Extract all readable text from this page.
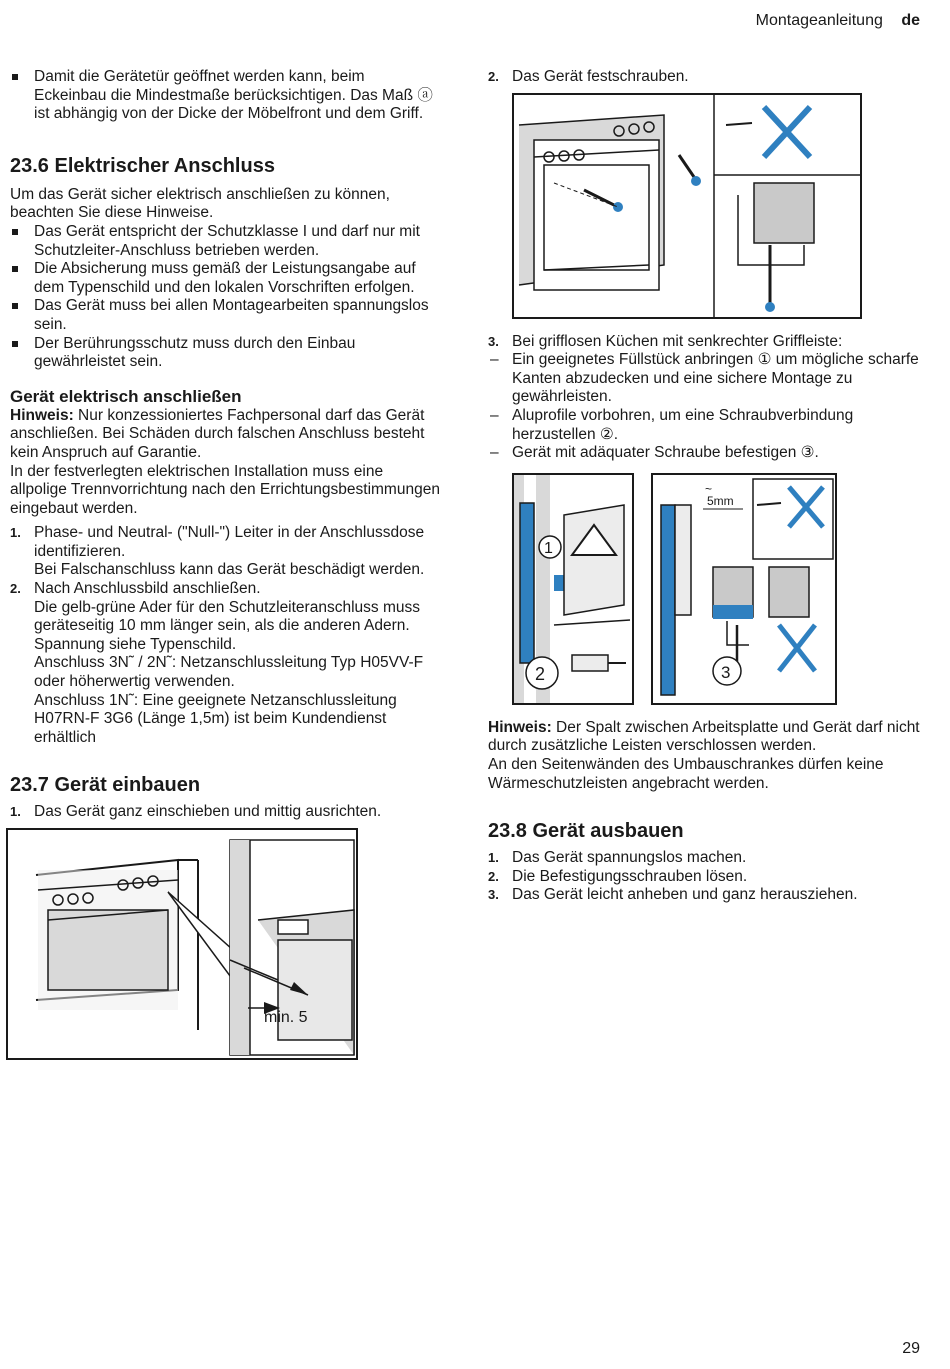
Montageanleitung de
Damit die Gerätetür geöffnet werden kann, beim Eckeinbau die Mindestmaße berücksichtigen. Das Maß ⓐ ist abhängig von der Dicke der Möbelfront und dem Griff.
23.6 Elektrischer Anschluss

Um das Gerät sicher elektrisch anschließen zu können, beachten Sie diese Hinweise.

Das Gerät entspricht der Schutzklasse I und darf nur mit Schutzleiter-Anschluss betrieben werden.
Die Absicherung muss gemäß der Leistungsangabe auf dem Typenschild und den lokalen Vorschriften erfolgen.
Das Gerät muss bei allen Montagearbeiten spannungslos sein.
Der Berührungsschutz muss durch den Einbau gewährleistet sein.
Gerät elektrisch anschließen

Hinweis: Nur konzessioniertes Fachpersonal darf das Gerät anschließen. Bei Schäden durch falschen Anschluss besteht kein Anspruch auf Garantie.

In der festverlegten elektrischen Installation muss eine allpolige Trennvorrichtung nach den Errichtungsbestimmungen eingebaut werden.

1. Phase- und Neutral- ("Null-") Leiter in der Anschlussdose identifizieren.
Bei Falschanschluss kann das Gerät beschädigt werden.
2. Nach Anschlussbild anschließen.
Die gelb-grüne Ader für den Schutzleiteranschluss muss geräteseitig 10 mm länger sein, als die anderen Adern.
Spannung siehe Typenschild.
Anschluss 3N˜ / 2N˜: Netzanschlussleitung Typ H05VV-F oder höherwertig verwenden.
Anschluss 1N˜: Eine geeignete Netzanschlussleitung H07RN-F 3G6 (Länge 1,5m) ist beim Kundendienst erhältlich
23.7 Gerät einbauen
1. Das Gerät ganz einschieben und mittig ausrichten.
min. 5
2. Das Gerät festschrauben.
3. Bei grifflosen Küchen mit senkrechter Griffleiste:
– Ein geeignetes Füllstück anbringen ① um mögliche scharfe Kanten abzudecken und eine sichere Montage zu gewährleisten.
– Aluprofile vorbohren, um eine Schraubverbindung herzustellen ②.
– Gerät mit adäquater Schraube befestigen ③.
1
2
~
5mm
3

Hinweis: Der Spalt zwischen Arbeitsplatte und Gerät darf nicht durch zusätzliche Leisten verschlossen werden.

An den Seitenwänden des Umbauschrankes dürfen keine Wärmeschutzleisten angebracht werden.

23.8 Gerät ausbauen
1. Das Gerät spannungslos machen.
2. Die Befestigungsschrauben lösen.
3. Das Gerät leicht anheben und ganz herausziehen.
29
